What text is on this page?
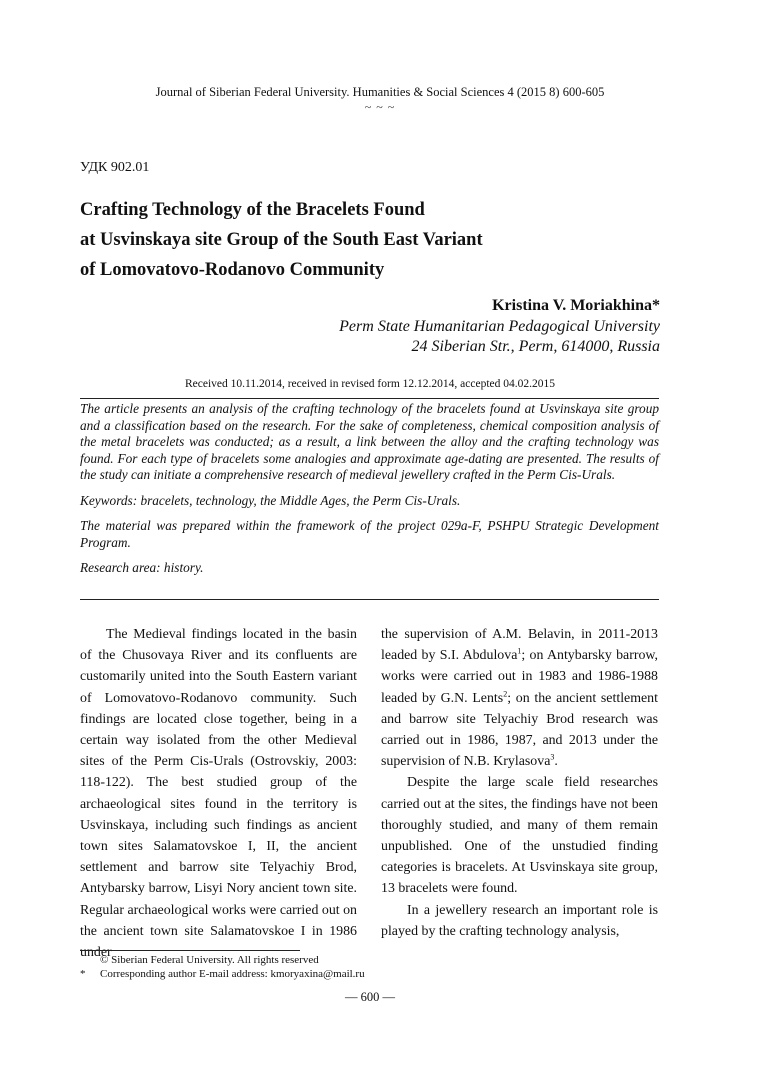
Journal of Siberian Federal University. Humanities & Social Sciences 4 (2015 8) 600-605
~ ~ ~
УДК 902.01
Crafting Technology of the Bracelets Found
at Usvinskaya site Group of the South East Variant
of Lomovatovo-Rodanovo Community
Kristina V. Moriakhina*
Perm State Humanitarian Pedagogical University
24 Siberian Str., Perm, 614000, Russia
Received 10.11.2014, received in revised form 12.12.2014, accepted 04.02.2015

The article presents an analysis of the crafting technology of the bracelets found at Usvinskaya site group and a classification based on the research. For the sake of completeness, chemical composition analysis of the metal bracelets was conducted; as a result, a link between the alloy and the crafting technology was found. For each type of bracelets some analogies and approximate age-dating are presented. The results of the study can initiate a comprehensive research of medieval jewellery crafted in the Perm Cis-Urals.

Keywords: bracelets, technology, the Middle Ages, the Perm Cis-Urals.

The material was prepared within the framework of the project 029a-F, PSHPU Strategic Development Program.

Research area: history.

The Medieval findings located in the basin of the Chusovaya River and its confluents are customarily united into the South Eastern variant of Lomovatovo-Rodanovo community. Such findings are located close together, being in a certain way isolated from the other Medieval sites of the Perm Cis-Urals (Ostrovskiy, 2003: 118-122). The best studied group of the archaeological sites found in the territory is Usvinskaya, including such findings as ancient town sites Salamatovskoe I, II, the ancient settlement and barrow site Telyachiy Brod, Antybarsky barrow, Lisyi Nory ancient town site. Regular archaeological works were carried out on the ancient town site Salamatovskoe I in 1986 under

the supervision of A.M. Belavin, in 2011-2013 leaded by S.I. Abdulova$^1$; on Antybarsky barrow, works were carried out in 1983 and 1986-1988 leaded by G.N. Lents$^2$; on the ancient settlement and barrow site Telyachiy Brod research was carried out in 1986, 1987, and 2013 under the supervision of N.B. Krylasova$^3$.

Despite the large scale field researches carried out at the sites, the findings have not been thoroughly studied, and many of them remain unpublished. One of the unstudied finding categories is bracelets. At Usvinskaya site group, 13 bracelets were found.

In a jewellery research an important role is played by the crafting technology analysis,

© Siberian Federal University. All rights reserved
* Corresponding author E-mail address: kmoryaxina@mail.ru
— 600 —
